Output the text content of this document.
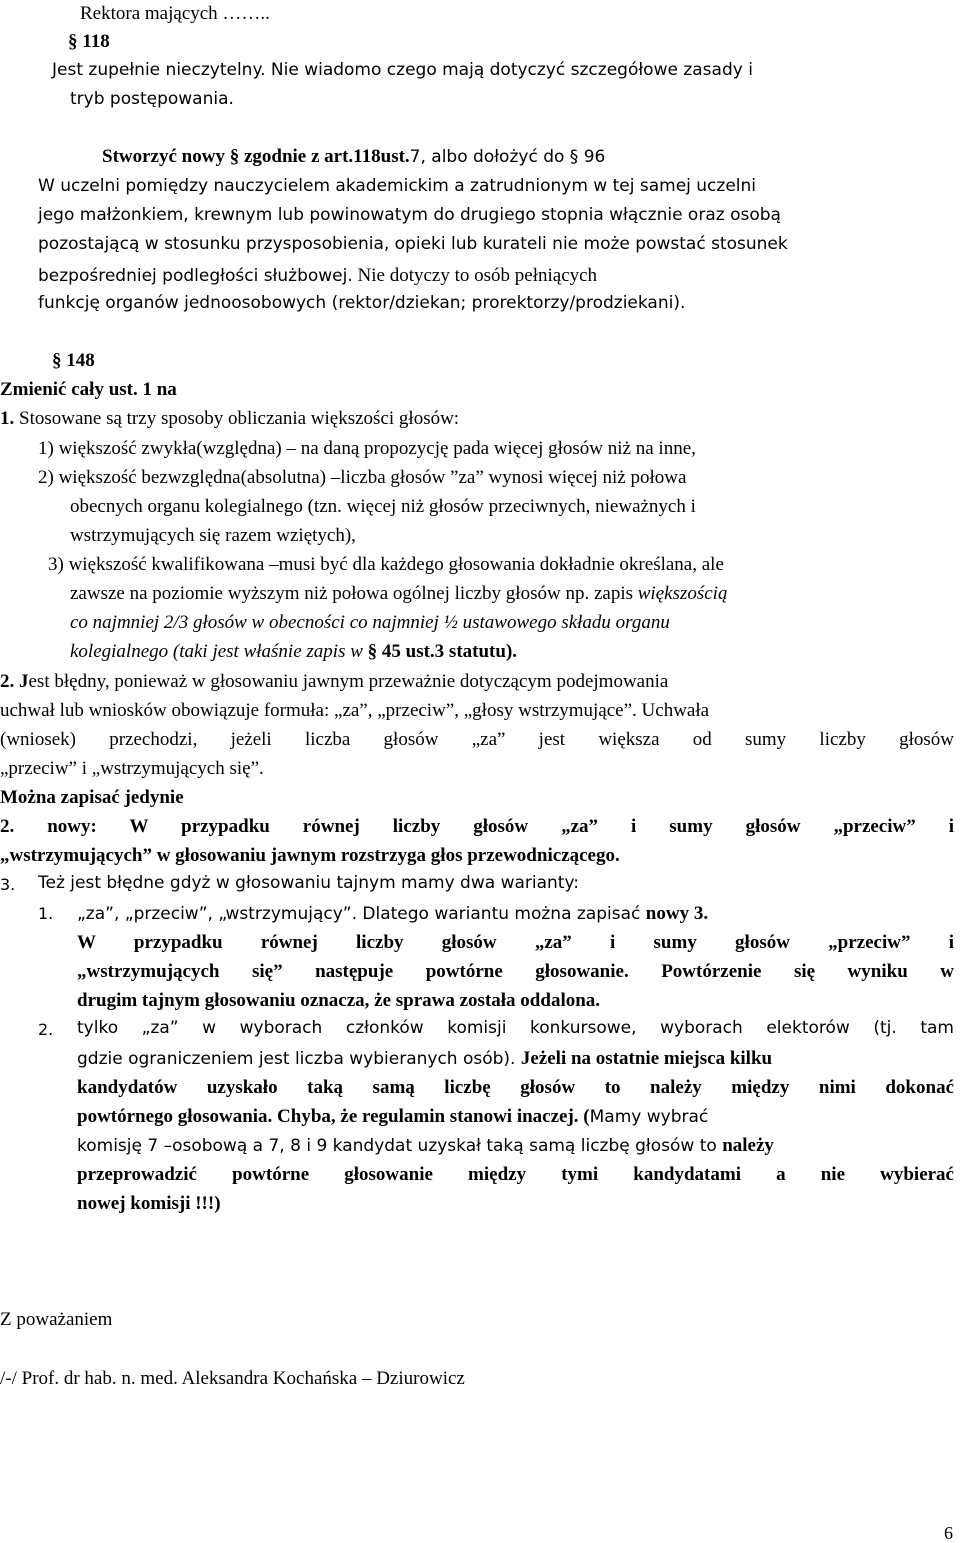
Rektora mających ……..
§ 118
Jest zupełnie nieczytelny. Nie wiadomo czego mają dotyczyć szczegółowe zasady i
tryb postępowania.
Stworzyć nowy § zgodnie z art.118ust.7, albo dołożyć do § 96
W uczelni pomiędzy nauczycielem akademickim a zatrudnionym w tej samej uczelni
jego małżonkiem, krewnym lub powinowatym do drugiego stopnia włącznie oraz osobą
pozostającą w stosunku przysposobienia, opieki lub kurateli nie może powstać stosunek
bezpośredniej podległości służbowej. Nie dotyczy to osób pełniących
funkcję organów jednoosobowych (rektor/dziekan; prorektorzy/prodziekani).
§ 148
Zmienić cały ust. 1 na
1. Stosowane są trzy sposoby obliczania większości głosów:
1) większość zwykła(względna) – na daną propozycję pada więcej głosów niż na inne,
2) większość bezwzględna(absolutna) –liczba głosów ”za” wynosi więcej niż połowa
obecnych organu kolegialnego (tzn. więcej niż głosów przeciwnych, nieważnych i
wstrzymujących się razem wziętych),
3) większość kwalifikowana –musi być dla każdego głosowania dokładnie określana, ale
zawsze na poziomie wyższym niż połowa ogólnej liczby głosów np. zapis większością
co najmniej 2/3 głosów w obecności co najmniej ½ ustawowego składu organu
kolegialnego (taki jest właśnie zapis w § 45 ust.3 statutu).
2. Jest błędny, ponieważ w głosowaniu jawnym przeważnie dotyczącym podejmowania
uchwał lub wniosków obowiązuje formuła: „za”, „przeciw”, „głosy wstrzymujące”. Uchwała
(wniosek) przechodzi, jeżeli liczba głosów „za” jest większa od sumy liczby głosów
„przeciw” i „wstrzymujących się”.
Można zapisać jedynie
2. nowy: W przypadku równej liczby głosów „za” i sumy głosów „przeciw” i
„wstrzymujących” w głosowaniu jawnym rozstrzyga głos przewodniczącego.
3. Też jest błędne gdyż w głosowaniu tajnym mamy dwa warianty:
1. „za”, „przeciw”, „wstrzymujący”. Dlatego wariantu można zapisać nowy 3.
W przypadku równej liczby głosów „za” i sumy głosów „przeciw” i
„wstrzymujących się” następuje powtórne głosowanie. Powtórzenie się wyniku w
drugim tajnym głosowaniu oznacza, że sprawa została oddalona.
2. tylko „za” w wyborach członków komisji konkursowe, wyborach elektorów (tj. tam
gdzie ograniczeniem jest liczba wybieranych osób). Jeżeli na ostatnie miejsca kilku
kandydatów uzyskało taką samą liczbę głosów to należy między nimi dokonać
powtórnego głosowania. Chyba, że regulamin stanowi inaczej. (Mamy wybrać
komisję 7 –osobową a 7, 8 i 9 kandydat uzyskał taką samą liczbę głosów to należy
przeprowadzić powtórne głosowanie między tymi kandydatami a nie wybierać
nowej komisji !!!)
Z poważaniem
/-/ Prof. dr hab. n. med. Aleksandra Kochańska – Dziurowicz
6
